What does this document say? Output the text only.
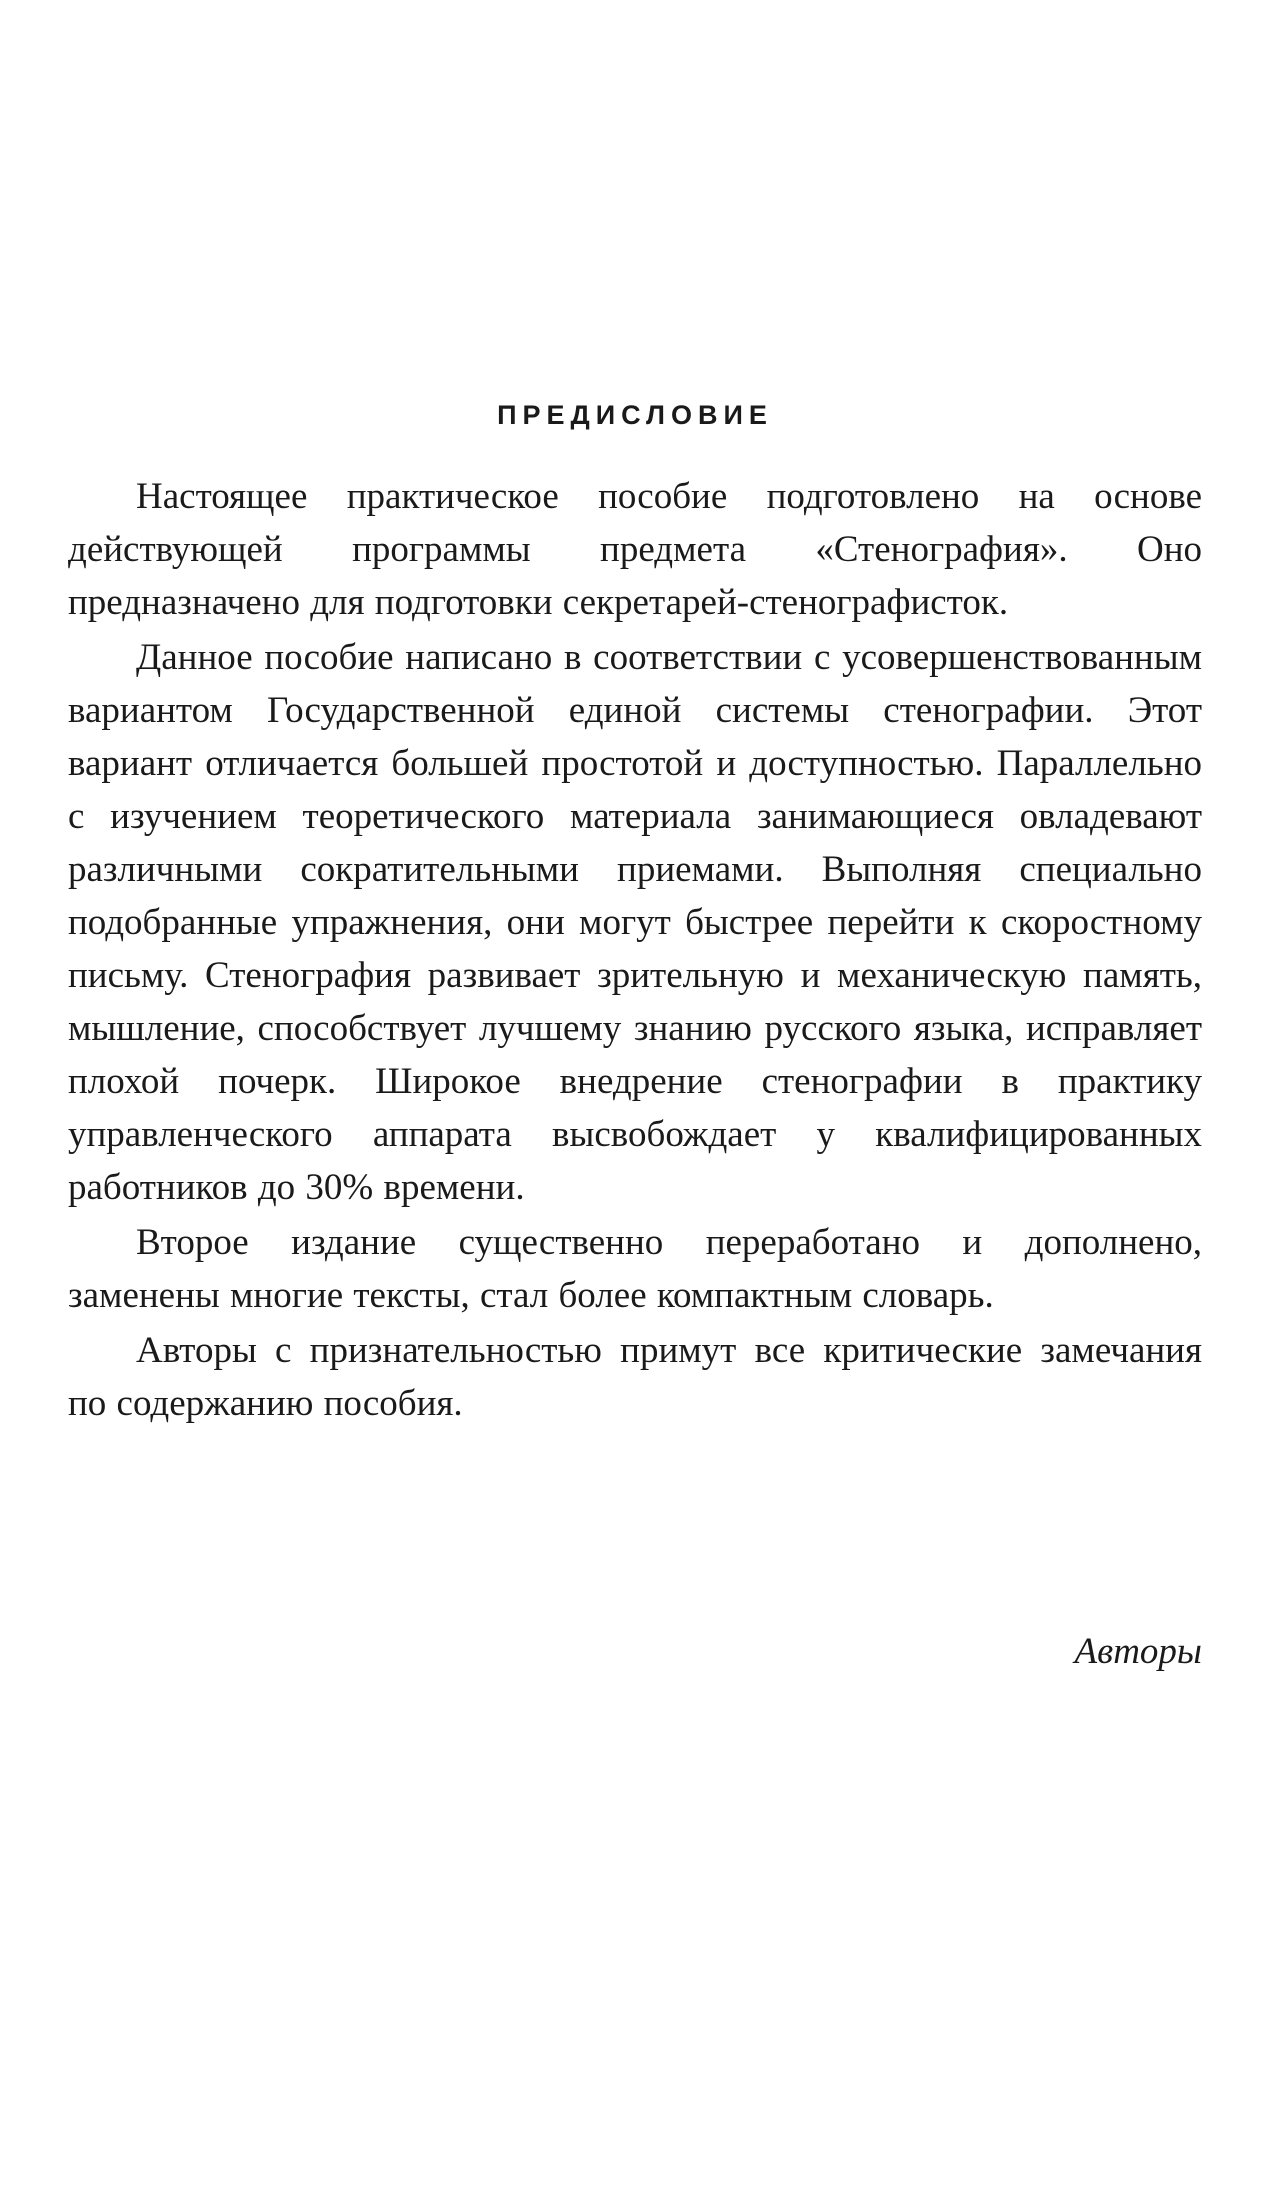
ПРЕДИСЛОВИЕ

Настоящее практическое пособие подготовлено на основе действующей программы предмета «Стенография». Оно предназначено для подготовки секретарей-стенографисток.

Данное пособие написано в соответствии с усовершенствованным вариантом Государственной единой системы стенографии. Этот вариант отличается большей простотой и доступностью. Параллельно с изучением теоретического материала занимающиеся овладевают различными сократительными приемами. Выполняя специально подобранные упражнения, они могут быстрее перейти к скоростному письму. Стенография развивает зрительную и механическую память, мышление, способствует лучшему знанию русского языка, исправляет плохой почерк. Широкое внедрение стенографии в практику управленческого аппарата высвобождает у квалифицированных работников до 30% времени.

Второе издание существенно переработано и дополнено, заменены многие тексты, стал более компактным словарь.

Авторы с признательностью примут все критические замечания по содержанию пособия.

Авторы
